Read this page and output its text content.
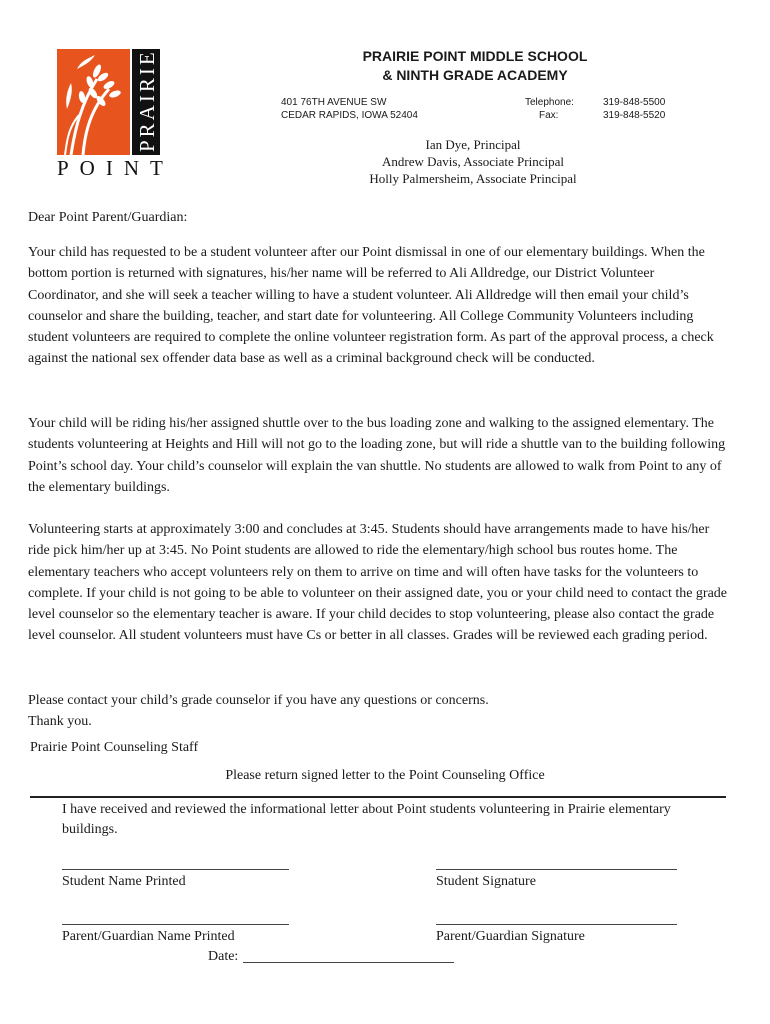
PRAIRIE
POINT
PRAIRIE POINT MIDDLE SCHOOL
& NINTH GRADE ACADEMY
401 76TH AVENUE SW
CEDAR RAPIDS, IOWA 52404
Telephone:
Fax:
319-848-5500
319-848-5520
Ian Dye, Principal
Andrew Davis, Associate Principal
Holly Palmersheim, Associate Principal
Dear Point Parent/Guardian:
Your child has requested to be a student volunteer after our Point dismissal in one of our elementary buildings. When the bottom portion is returned with signatures, his/her name will be referred to Ali Alldredge, our District Volunteer Coordinator, and she will seek a teacher willing to have a student volunteer. Ali Alldredge will then email your child’s counselor and share the building, teacher, and start date for volunteering. All College Community Volunteers including student volunteers are required to complete the online volunteer registration form. As part of the approval process, a check against the national sex offender data base as well as a criminal background check will be conducted.
Your child will be riding his/her assigned shuttle over to the bus loading zone and walking to the assigned elementary. The students volunteering at Heights and Hill will not go to the loading zone, but will ride a shuttle van to the building following Point’s school day. Your child’s counselor will explain the van shuttle. No students are allowed to walk from Point to any of the elementary buildings.
Volunteering starts at approximately 3:00 and concludes at 3:45. Students should have arrangements made to have his/her ride pick him/her up at 3:45. No Point students are allowed to ride the elementary/high school bus routes home. The elementary teachers who accept volunteers rely on them to arrive on time and will often have tasks for the volunteers to complete. If your child is not going to be able to volunteer on their assigned date, you or your child need to contact the grade level counselor so the elementary teacher is aware. If your child decides to stop volunteering, please also contact the grade level counselor. All student volunteers must have Cs or better in all classes. Grades will be reviewed each grading period.
Please contact your child’s grade counselor if you have any questions or concerns.
Thank you.
Prairie Point Counseling Staff
Please return signed letter to the Point Counseling Office
I have received and reviewed the informational letter about Point students volunteering in Prairie elementary buildings.
Student Name Printed	Student Signature
Parent/Guardian Name Printed	Parent/Guardian Signature
Date:
